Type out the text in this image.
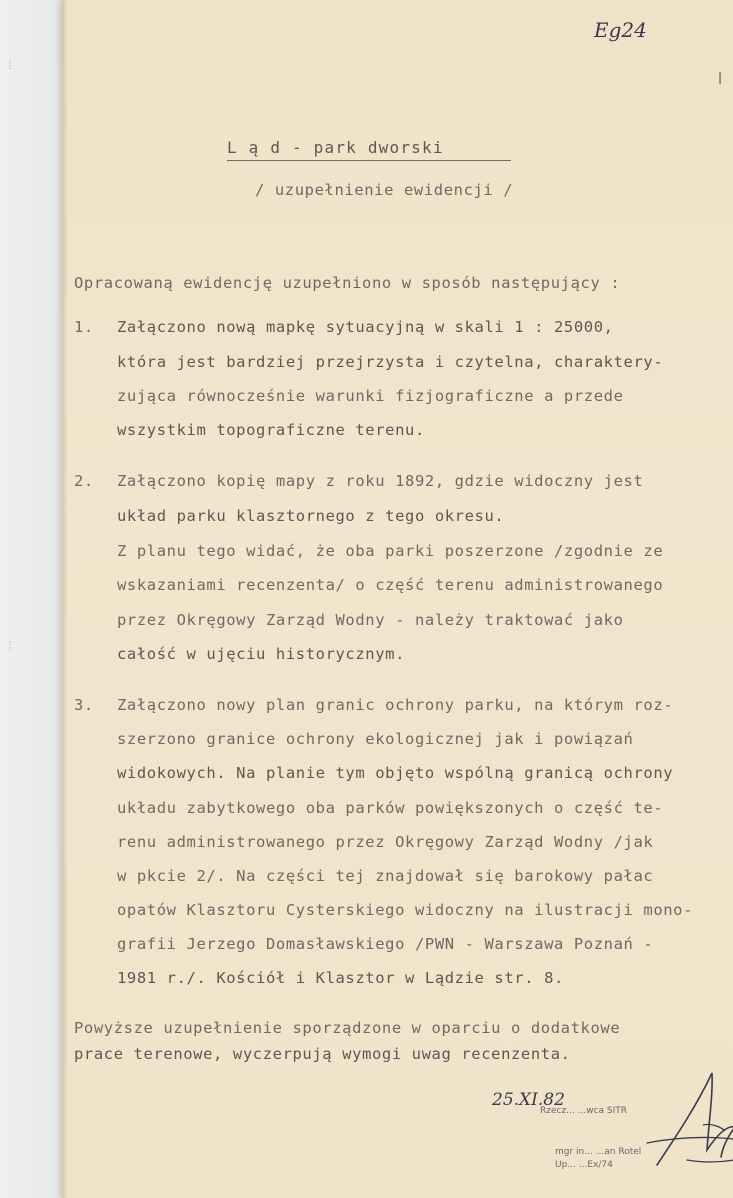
⁞
⁞
Eg24
|
L ą d - park dworski
/ uzupełnienie ewidencji /
Opracowaną ewidencję uzupełniono w sposób następujący :
1. Załączono nową mapkę sytuacyjną w skali 1 : 25000,
która jest bardziej przejrzysta i czytelna, charaktery-
zująca równocześnie warunki fizjograficzne a przede
wszystkim topograficzne terenu.
2. Załączono kopię mapy z roku 1892, gdzie widoczny jest
układ parku klasztornego z tego okresu.
Z planu tego widać, że oba parki poszerzone /zgodnie ze
wskazaniami recenzenta/ o część terenu administrowanego
przez Okręgowy Zarząd Wodny - należy traktować jako
całość w ujęciu historycznym.
3. Załączono nowy plan granic ochrony parku, na którym roz-
szerzono granice ochrony ekologicznej jak i powiązań
widokowych. Na planie tym objęto wspólną granicą ochrony
układu zabytkowego oba parków powiększonych o część te-
renu administrowanego przez Okręgowy Zarząd Wodny /jak
w pkcie 2/. Na części tej znajdował się barokowy pałac
opatów Klasztoru Cysterskiego widoczny na ilustracji mono-
grafii Jerzego Domasławskiego /PWN - Warszawa Poznań -
1981 r./. Kościół i Klasztor w Lądzie str. 8.
Powyższe uzupełnienie sporządzone w oparciu o dodatkowe
prace terenowe, wyczerpują wymogi uwag recenzenta.
25.XI.82
Rzecz... ...wca SITR
mgr in... ...an Rotel
Up... ...Ex/74
